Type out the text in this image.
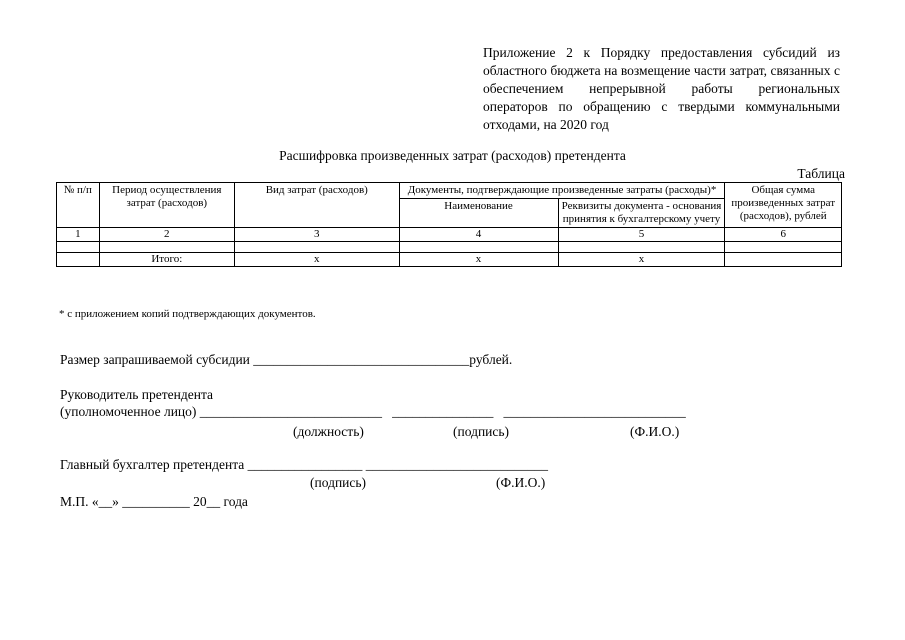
Приложение 2 к Порядку предоставления субсидий из областного бюджета на возмещение части затрат, связанных с обеспечением непрерывной работы региональных операторов по обращению с твердыми коммунальными отходами, на 2020 год
Расшифровка произведенных затрат (расходов) претендента
Таблица
№ п/п	Период осуществления затрат (расходов)	Вид затрат (расходов)	Документы, подтверждающие произведенные затраты (расходы)*		Общая сумма произведенных затрат (расходов), рублей
			Наименование	Реквизиты документа - основания принятия к бухгалтерскому учету	
1	2	3	4	5	6

	Итого:	х	х	х	
* с приложением копий подтверждающих документов.
Размер запрашиваемой субсидии ________________________________рублей.
Руководитель претендента
(уполномоченное лицо) ___________________________ _______________ ___________________________
(должность)	(подпись)	(Ф.И.О.)
Главный бухгалтер претендента _________________ ___________________________
(подпись)	(Ф.И.О.)
М.П. «__» __________ 20__ года
